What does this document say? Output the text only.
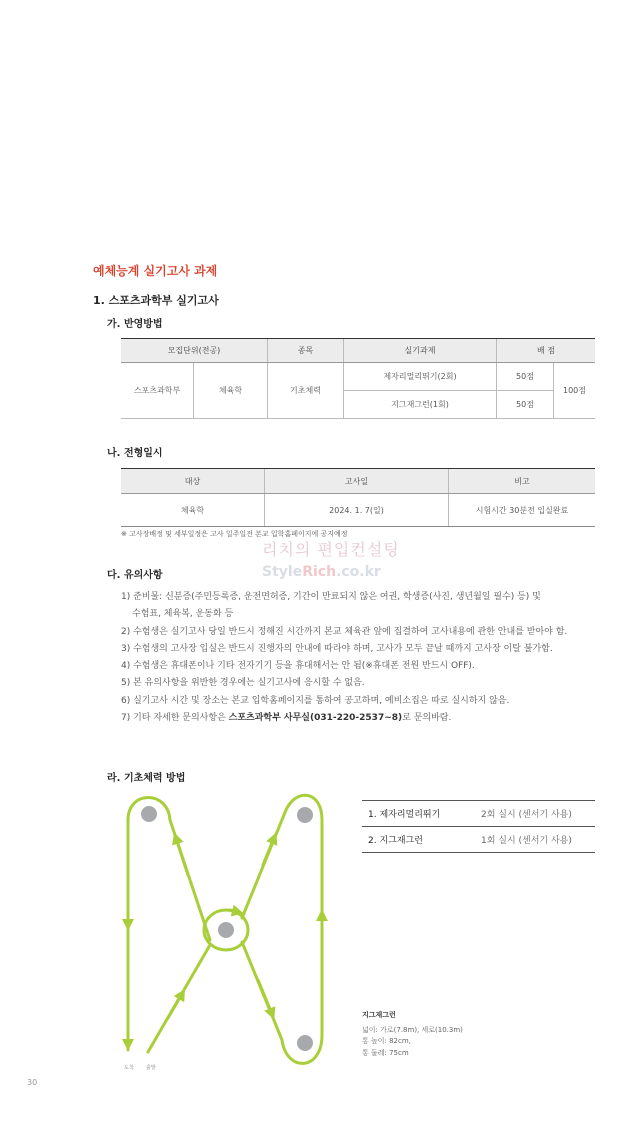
예체능계 실기고사 과제
1. 스포츠과학부 실기고사
가. 반영방법
모집단위(전공)		종목	실기과제	배 점	
스포츠과학부	체육학	기초체력	제자리멀리뛰기(2회)	50점	100점
			지그재그런(1회)	50점	
나. 전형일시
대상	고사일	비고
체육학	2024. 1. 7(일)	시험시간 30분전 입실완료
※ 고사장배정 및 세부일정은 고사 일주일전 본교 입학홈페이지에 공지예정
리치의 편입컨설팅
StyleRich.co.kr
다. 유의사항
1) 준비물: 신분증(주민등록증, 운전면허증, 기간이 만료되지 않은 여권, 학생증(사진, 생년월일 필수) 등) 및
수험표, 체육복, 운동화 등
2) 수험생은 실기고사 당일 반드시 정해진 시간까지 본교 체육관 앞에 집결하여 고사내용에 관한 안내를 받아야 함.
3) 수험생의 고사장 입실은 반드시 진행자의 안내에 따라야 하며, 고사가 모두 끝날 때까지 고사장 이탈 불가함.
4) 수험생은 휴대폰이나 기타 전자기기 등을 휴대해서는 안 됨(※휴대폰 전원 반드시 OFF).
5) 본 유의사항을 위반한 경우에는 실기고사에 응시할 수 없음.
6) 실기고사 시간 및 장소는 본교 입학홈페이지를 통하여 공고하며, 예비소집은 따로 실시하지 않음.
7) 기타 자세한 문의사항은 스포츠과학부 사무실(031-220-2537~8)로 문의바람.
라. 기초체력 방법
도착 출발
1. 제자리멀리뛰기	2회 실시 (센서기 사용)
2. 지그재그런	1회 실시 (센서기 사용)
지그재그런
넓이: 가로(7.8m), 세로(10.3m)
통 높이: 82cm,
통 둘레: 75cm
30
